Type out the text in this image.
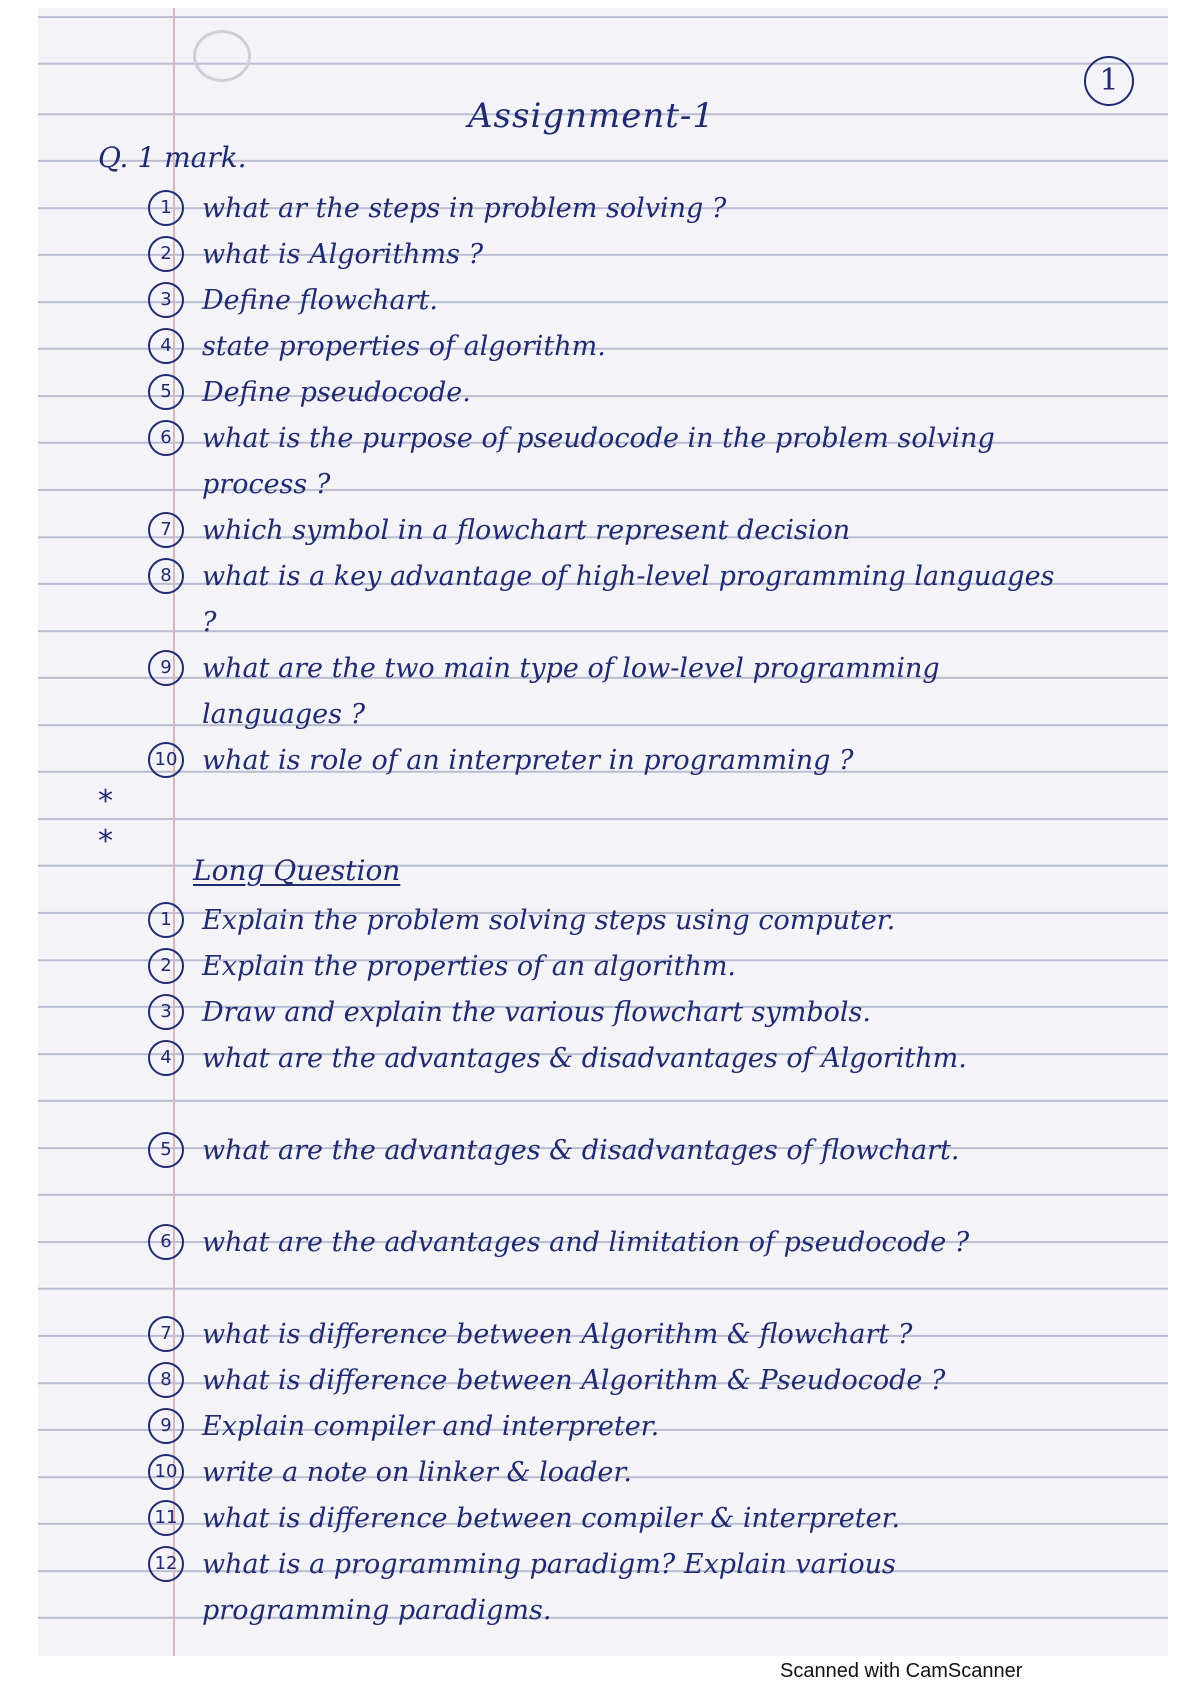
1
Assignment-1
Q. 1 mark.
1	what ar the steps in problem solving ?
2	what is Algorithms ?
3	Define flowchart.
4	state properties of algorithm.
5	Define pseudocode.
6	what is the purpose of pseudocode in the problem solving process ?
7	which symbol in a flowchart represent decision
8	what is a key advantage of high-level programming languages ?
9	what are the two main type of low-level programming languages ?
10 what is role of an interpreter in programming ?
*
*
Long Question
1	Explain the problem solving steps using computer.
2	Explain the properties of an algorithm.
3	Draw and explain the various flowchart symbols.
4	what are the advantages & disadvantages of Algorithm.
5	what are the advantages & disadvantages of flowchart.
6	what are the advantages and limitation of pseudocode ?
7	what is difference between Algorithm & flowchart ?
8	what is difference between Algorithm & Pseudocode ?
9	Explain compiler and interpreter.
10 write a note on linker & loader.
11 what is difference between compiler & interpreter.
12 what is a programming paradigm? Explain various programming paradigms.
Scanned with CamScanner
